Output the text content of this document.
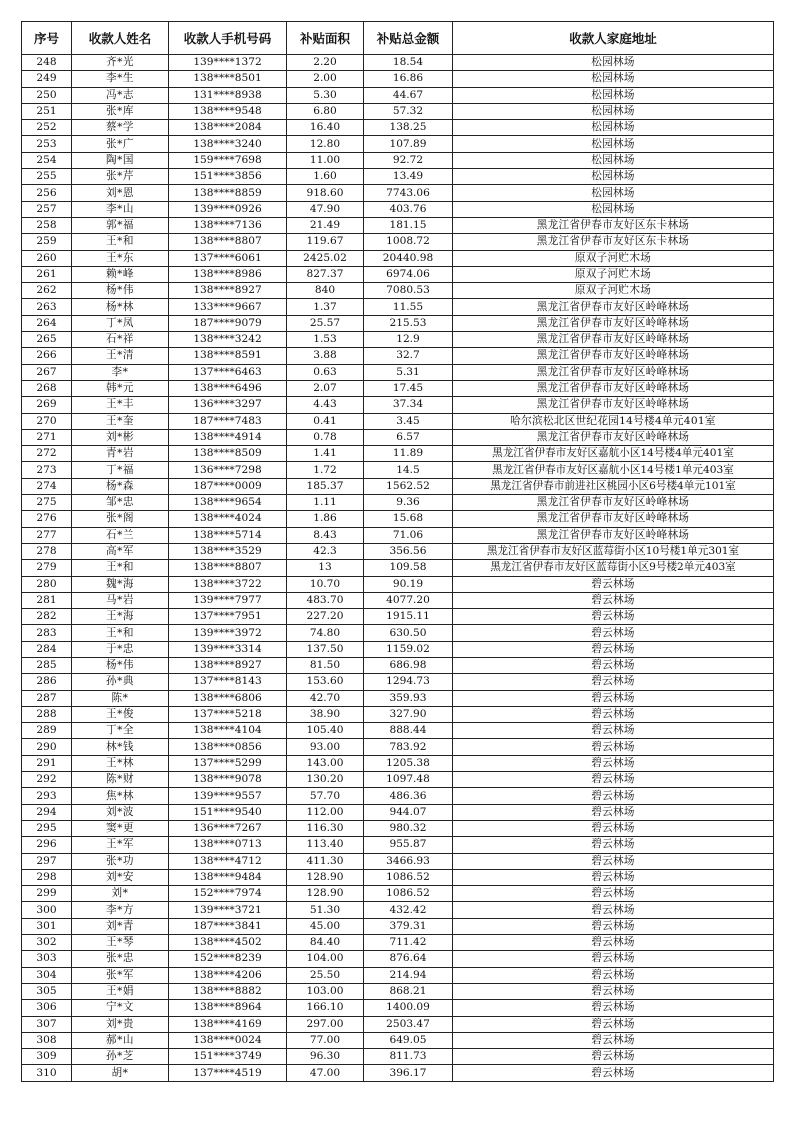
序号	收款人姓名	收款人手机号码	补贴面积	补贴总金额	收款人家庭地址
248	齐*光	139****1372	2.20	18.54	松园林场
249	李*生	138****8501	2.00	16.86	松园林场
250	冯*志	131****8938	5.30	44.67	松园林场
251	张*库	138****9548	6.80	57.32	松园林场
252	蔡*学	138****2084	16.40	138.25	松园林场
253	张*广	138****3240	12.80	107.89	松园林场
254	陶*国	159****7698	11.00	92.72	松园林场
255	张*芹	151****3856	1.60	13.49	松园林场
256	刘*恩	138****8859	918.60	7743.06	松园林场
257	李*山	139****0926	47.90	403.76	松园林场
258	郭*福	138****7136	21.49	181.15	黑龙江省伊春市友好区东卡林场
259	王*和	138****8807	119.67	1008.72	黑龙江省伊春市友好区东卡林场
260	王*东	137****6061	2425.02	20440.98	原双子河贮木场
261	赖*峰	138****8986	827.37	6974.06	原双子河贮木场
262	杨*伟	138****8927	840	7080.53	原双子河贮木场
263	杨*林	133****9667	1.37	11.55	黑龙江省伊春市友好区岭峰林场
264	丁*凤	187****9079	25.57	215.53	黑龙江省伊春市友好区岭峰林场
265	石*祥	138****3242	1.53	12.9	黑龙江省伊春市友好区岭峰林场
266	王*清	138****8591	3.88	32.7	黑龙江省伊春市友好区岭峰林场
267	李*	137****6463	0.63	5.31	黑龙江省伊春市友好区岭峰林场
268	韩*元	138****6496	2.07	17.45	黑龙江省伊春市友好区岭峰林场
269	王*丰	136****3297	4.43	37.34	黑龙江省伊春市友好区岭峰林场
270	王*奎	187****7483	0.41	3.45	哈尔滨松北区世纪花园14号楼4单元401室
271	刘*彬	138****4914	0.78	6.57	黑龙江省伊春市友好区岭峰林场
272	青*岩	138****8509	1.41	11.89	黑龙江省伊春市友好区嘉航小区14号楼4单元401室
273	丁*福	136****7298	1.72	14.5	黑龙江省伊春市友好区嘉航小区14号楼1单元403室
274	杨*森	187****0009	185.37	1562.52	黑龙江省伊春市前进社区桃园小区6号楼4单元101室
275	邹*忠	138****9654	1.11	9.36	黑龙江省伊春市友好区岭峰林场
276	张*阁	138****4024	1.86	15.68	黑龙江省伊春市友好区岭峰林场
277	石*兰	138****5714	8.43	71.06	黑龙江省伊春市友好区岭峰林场
278	高*军	138****3529	42.3	356.56	黑龙江省伊春市友好区蓝莓街小区10号楼1单元301室
279	王*和	138****8807	13	109.58	黑龙江省伊春市友好区蓝莓街小区9号楼2单元403室
280	魏*海	138****3722	10.70	90.19	碧云林场
281	马*岩	139****7977	483.70	4077.20	碧云林场
282	王*海	137****7951	227.20	1915.11	碧云林场
283	王*和	139****3972	74.80	630.50	碧云林场
284	于*忠	139****3314	137.50	1159.02	碧云林场
285	杨*伟	138****8927	81.50	686.98	碧云林场
286	孙*典	137****8143	153.60	1294.73	碧云林场
287	陈*	138****6806	42.70	359.93	碧云林场
288	王*俊	137****5218	38.90	327.90	碧云林场
289	丁*全	138****4104	105.40	888.44	碧云林场
290	林*钱	138****0856	93.00	783.92	碧云林场
291	王*林	137****5299	143.00	1205.38	碧云林场
292	陈*财	138****9078	130.20	1097.48	碧云林场
293	焦*林	139****9557	57.70	486.36	碧云林场
294	刘*波	151****9540	112.00	944.07	碧云林场
295	窦*更	136****7267	116.30	980.32	碧云林场
296	王*军	138****0713	113.40	955.87	碧云林场
297	张*功	138****4712	411.30	3466.93	碧云林场
298	刘*安	138****9484	128.90	1086.52	碧云林场
299	刘*	152****7974	128.90	1086.52	碧云林场
300	李*方	139****3721	51.30	432.42	碧云林场
301	刘*青	187****3841	45.00	379.31	碧云林场
302	王*琴	138****4502	84.40	711.42	碧云林场
303	张*忠	152****8239	104.00	876.64	碧云林场
304	张*军	138****4206	25.50	214.94	碧云林场
305	王*娟	138****8882	103.00	868.21	碧云林场
306	宁*文	138****8964	166.10	1400.09	碧云林场
307	刘*贵	138****4169	297.00	2503.47	碧云林场
308	郝*山	138****0024	77.00	649.05	碧云林场
309	孙*芝	151****3749	96.30	811.73	碧云林场
310	胡*	137****4519	47.00	396.17	碧云林场
